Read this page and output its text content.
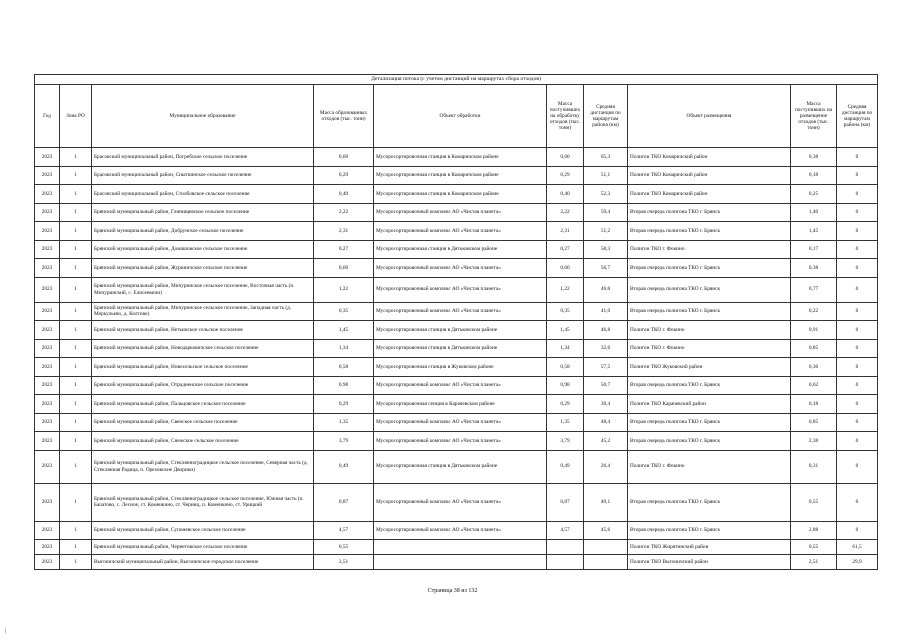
Детализация потока (с учетом дистанций на маршрутах сбора отходов)									
Год	Зона РО	Муниципальное образование	Масса образованных отходов (тыс. тонн)	Объект обработки	Масса поступивших на обработку отходов (тыс. тонн)	Средняя дистанция по маршрутам района (км)	Объект размещения	Масса поступивших на размещение отходов (тыс. тонн)	Средняя дистанция по маршрутам района (км)
2023	1	Брасовский муниципальный район, Погребское сельское поселение	0,60	Мусоросортировочная станция в Комаричском районе	0,60	65,3	Полигон ТКО Комаричский район	0,38	0
2023	1	Брасовский муниципальный район, Сныткинское сельское поселение	0,29	Мусоросортировочная станция в Комаричском районе	0,29	51,1	Полигон ТКО Комаричский район	0,18	0
2023	1	Брасовский муниципальный район, Столбовское сельское поселение	0,40	Мусоросортировочная станция в Комаричском районе	0,40	52,3	Полигон ТКО Комаричский район	0,25	0
2023	1	Брянский муниципальный район, Глинищевское сельское поселение	2,22	Мусоросортировочный комплекс АО «Чистая планета»	2,22	59,4	Вторая очередь полигона ТКО г. Брянск	1,40	0
2023	1	Брянский муниципальный район, Добрунское сельское поселение	2,31	Мусоросортировочный комплекс АО «Чистая планета»	2,31	51,2	Вторая очередь полигона ТКО г. Брянск	1,45	0
2023	1	Брянский муниципальный район, Домашовское сельское поселение	0,27	Мусоросортировочная станция в Дятьковском районе	0,27	58,3	Полигон ТКО г. Фокино	0,17	0
2023	1	Брянский муниципальный район, Журиничское сельское поселение	0,60	Мусоросортировочный комплекс АО «Чистая планета»	0,60	56,7	Вторая очередь полигона ТКО г. Брянск	0,38	0
2023	1	Брянский муниципальный район, Мичуринское сельское поселение, Восточная часть (п. Мичуринский, с. Елисеевичи)	1,22	Мусоросортировочный комплекс АО «Чистая планета»	1,22	46,6	Вторая очередь полигона ТКО г. Брянск	0,77	0
2023	1	Брянский муниципальный район, Мичуринское сельское поселение, Западная часть (д. Меркульево, д. Колтово)	0,35	Мусоросортировочный комплекс АО «Чистая планета»	0,35	41,0	Вторая очередь полигона ТКО г. Брянск	0,22	0
2023	1	Брянский муниципальный район, Нетьинское сельское поселение	1,45	Мусоросортировочная станция в Дятьковском районе	1,45	46,8	Полигон ТКО г. Фокино	0,91	0
2023	1	Брянский муниципальный район, Новодарковичское сельское поселение	1,34	Мусоросортировочная станция в Дятьковском районе	1,34	32,6	Полигон ТКО г. Фокино	0,85	0
2023	1	Брянский муниципальный район, Новосельское сельское поселение	0,58	Мусоросортировочная станция в Жуковском районе	0,58	57,5	Полигон ТКО Жуковский район	0,36	0
2023	1	Брянский муниципальный район, Отрадненское сельское поселение	0,98	Мусоросортировочный комплекс АО «Чистая планета»	0,98	50,7	Вторая очередь полигона ТКО г. Брянск	0,62	0
2023	1	Брянский муниципальный район, Пальцовское сельское поселение	0,29	Мусоросортировочная сенция в Карачевском районе	0,29	30,4	Полигон ТКО Карачевский район	0,18	0
2023	1	Брянский муниципальный район, Свенское сельское поселение	1,35	Мусоросортировочный комплекс АО «Чистая планета»	1,35	48,4	Вторая очередь полигона ТКО г. Брянск	0,85	0
2023	1	Брянский муниципальный район, Снежское сельское поселение	3,79	Мусоросортировочный комплекс АО «Чистая планета»	3,79	45,2	Вторая очередь полигона ТКО г. Брянск	2,38	0
2023	1	Брянский муниципальный район, Стеклянноградицкое сельское поселение, Северная часть (д. Стеклянная Радица, п. Ореховские Дворики)	0,49	Мусоросортировочная станция в Дятьковском районе	0,49	26,4	Полигон ТКО г. Фокино	0,31	0
2023	1	Брянский муниципальный район, Стеклянноградицкое сельское поселение, Южная часть (п. Бачатово, с. Лесное, ст. Коменкино, ст. Черниц, п. Коменкино, ст. Урицкий	0,87	Мусоросортировочный комплекс АО «Чистая планета»	0,87	40,1	Вторая очередь полигона ТКО г. Брянск	0,55	0
2023	1	Брянский муниципальный район, Супоневское сельское поселение	4,57	Мусоросортировочный комплекс АО «Чистая планета»	4,57	45,6	Вторая очередь полигона ТКО г. Брянск	2,88	0
2023	1	Брянский муниципальный район, Чернетовское сельское поселение	0,55				Полигон ТКО Жирятинский район	0,55	61,5
2023	1	Выгоничский муниципальный район, Выгоничское городское поселение	2,51				Полигон ТКО Выгоничский район	2,51	29,9
Страница 38 из 132
|
